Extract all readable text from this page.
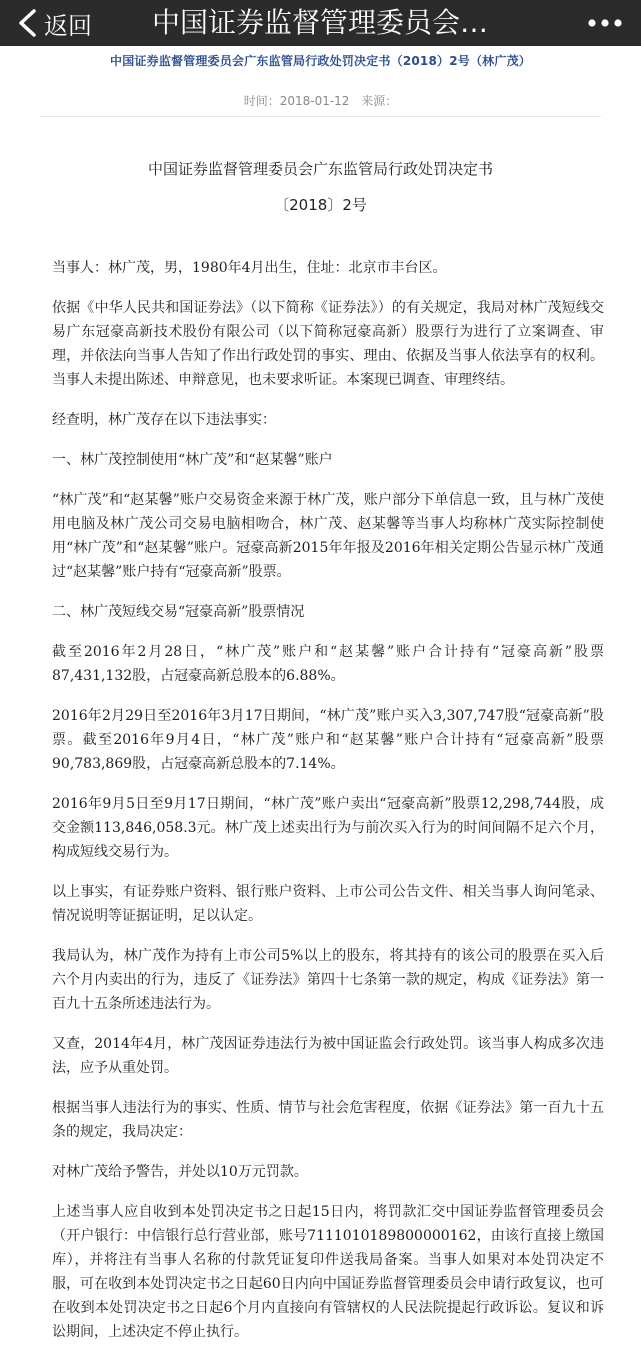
返回 中国证券监督管理委员会…
中国证券监督管理委员会广东监管局行政处罚决定书（2018）2号（林广茂）
时间：2018-01-12 来源：
中国证券监督管理委员会广东监管局行政处罚决定书
〔2018〕2号

当事人：林广茂，男，1980年4月出生，住址：北京市丰台区。

依据《中华人民共和国证券法》（以下简称《证券法》）的有关规定，我局对林广茂短线交易广东冠豪高新技术股份有限公司（以下简称冠豪高新）股票行为进行了立案调查、审理，并依法向当事人告知了作出行政处罚的事实、理由、依据及当事人依法享有的权利。当事人未提出陈述、申辩意见，也未要求听证。本案现已调查、审理终结。

经查明，林广茂存在以下违法事实：

一、林广茂控制使用“林广茂”和“赵某馨”账户

“林广茂”和“赵某馨”账户交易资金来源于林广茂，账户部分下单信息一致，且与林广茂使用电脑及林广茂公司交易电脑相吻合，林广茂、赵某馨等当事人均称林广茂实际控制使用“林广茂”和“赵某馨”账户。冠豪高新2015年年报及2016年相关定期公告显示林广茂通过“赵某馨”账户持有“冠豪高新”股票。

二、林广茂短线交易“冠豪高新”股票情况

截至2016年2月28日，“林广茂”账户和“赵某馨”账户合计持有“冠豪高新”股票87,431,132股，占冠豪高新总股本的6.88%。

2016年2月29日至2016年3月17日期间，“林广茂”账户买入3,307,747股“冠豪高新”股票。截至2016年9月4日，“林广茂”账户和“赵某馨”账户合计持有“冠豪高新”股票90,783,869股，占冠豪高新总股本的7.14%。

2016年9月5日至9月17日期间，“林广茂”账户卖出“冠豪高新”股票12,298,744股，成交金额113,846,058.3元。林广茂上述卖出行为与前次买入行为的时间间隔不足六个月，构成短线交易行为。

以上事实，有证券账户资料、银行账户资料、上市公司公告文件、相关当事人询问笔录、情况说明等证据证明，足以认定。

我局认为，林广茂作为持有上市公司5%以上的股东，将其持有的该公司的股票在买入后六个月内卖出的行为，违反了《证券法》第四十七条第一款的规定，构成《证券法》第一百九十五条所述违法行为。

又查，2014年4月，林广茂因证券违法行为被中国证监会行政处罚。该当事人构成多次违法，应予从重处罚。

根据当事人违法行为的事实、性质、情节与社会危害程度，依据《证券法》第一百九十五条的规定，我局决定：

对林广茂给予警告，并处以10万元罚款。

上述当事人应自收到本处罚决定书之日起15日内，将罚款汇交中国证券监督管理委员会（开户银行：中信银行总行营业部，账号7111010189800000162，由该行直接上缴国库），并将注有当事人名称的付款凭证复印件送我局备案。当事人如果对本处罚决定不服，可在收到本处罚决定书之日起60日内向中国证券监督管理委员会申请行政复议，也可在收到本处罚决定书之日起6个月内直接向有管辖权的人民法院提起行政诉讼。复议和诉讼期间，上述决定不停止执行。
